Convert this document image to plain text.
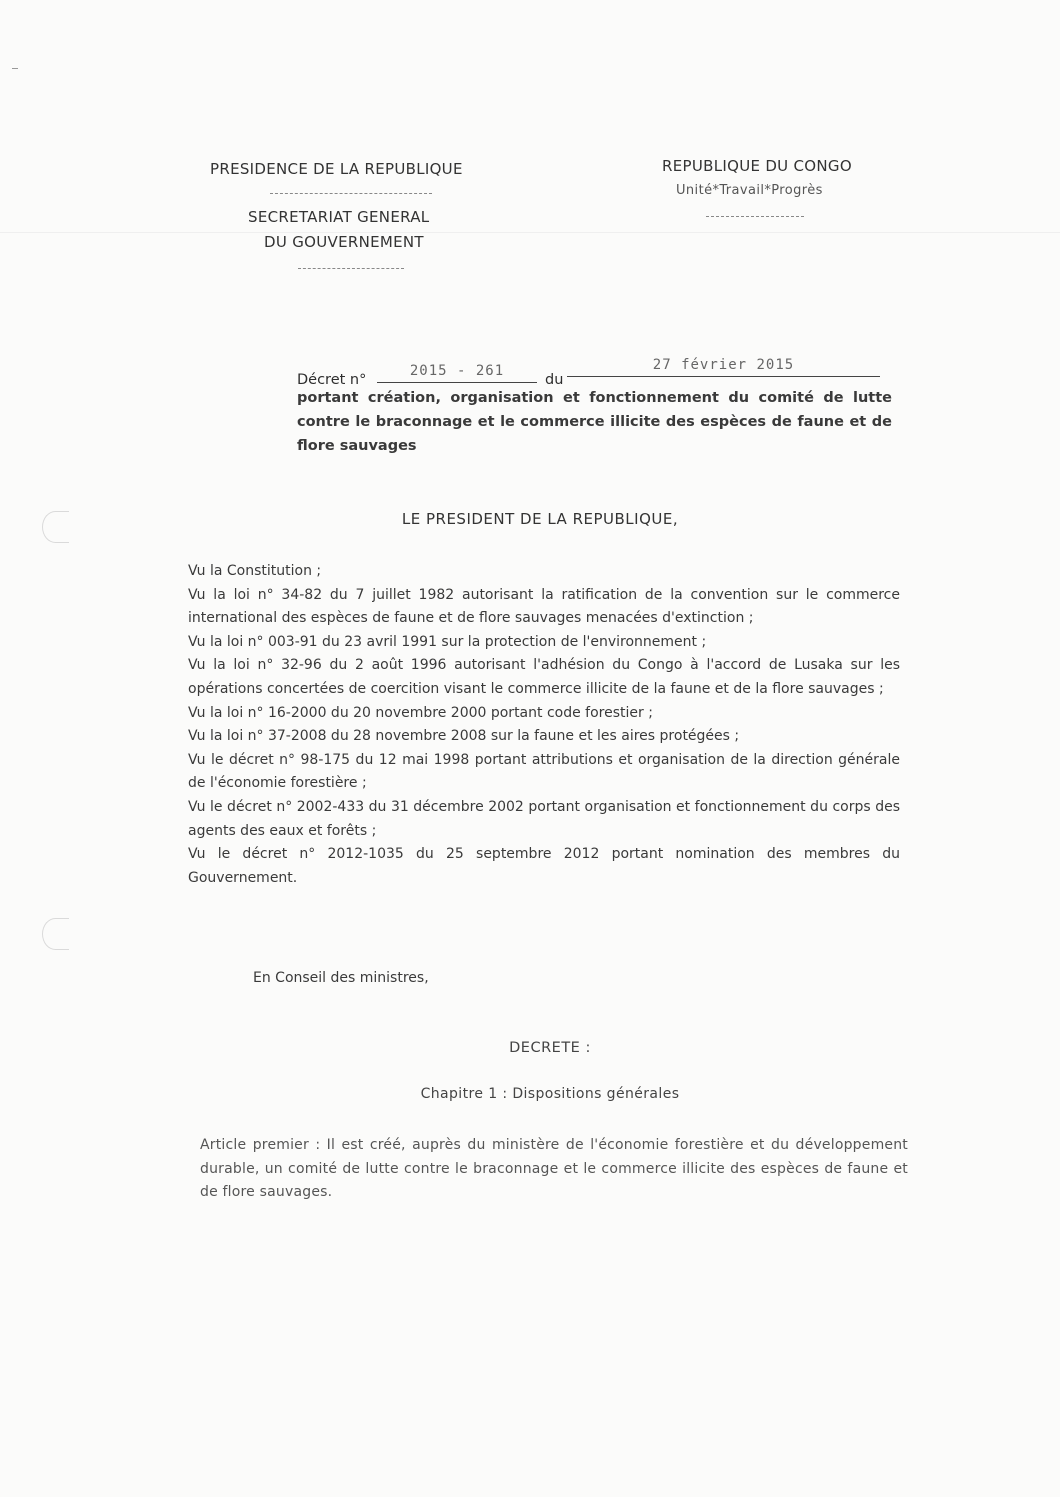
PRESIDENCE DE LA REPUBLIQUE
SECRETARIAT GENERAL
DU GOUVERNEMENT
REPUBLIQUE DU CONGO
Unité*Travail*Progrès
Décret n°
2015 - 261
du
27 février 2015
portant création, organisation et fonctionnement du comité de lutte contre le braconnage et le commerce illicite des espèces de faune et de flore sauvages
LE PRESIDENT DE LA REPUBLIQUE,
Vu la Constitution ;
Vu la loi n° 34-82 du 7 juillet 1982 autorisant la ratification de la convention sur le commerce international des espèces de faune et de flore sauvages menacées d'extinction ;
Vu la loi n° 003-91 du 23 avril 1991 sur la protection de l'environnement ;
Vu la loi n° 32-96 du 2 août 1996 autorisant l'adhésion du Congo à l'accord de Lusaka sur les opérations concertées de coercition visant le commerce illicite de la faune et de la flore sauvages ;
Vu la loi n° 16-2000 du 20 novembre 2000 portant code forestier ;
Vu la loi n° 37-2008 du 28 novembre 2008 sur la faune et les aires protégées ;
Vu le décret n° 98-175 du 12 mai 1998 portant attributions et organisation de la direction générale de l'économie forestière ;
Vu le décret n° 2002-433 du 31 décembre 2002 portant organisation et fonctionnement du corps des agents des eaux et forêts ;
Vu le décret n° 2012-1035 du 25 septembre 2012 portant nomination des membres du Gouvernement.
En Conseil des ministres,
DECRETE :
Chapitre 1 : Dispositions générales
Article premier : Il est créé, auprès du ministère de l'économie forestière et du développement durable, un comité de lutte contre le braconnage et le commerce illicite des espèces de faune et de flore sauvages.
